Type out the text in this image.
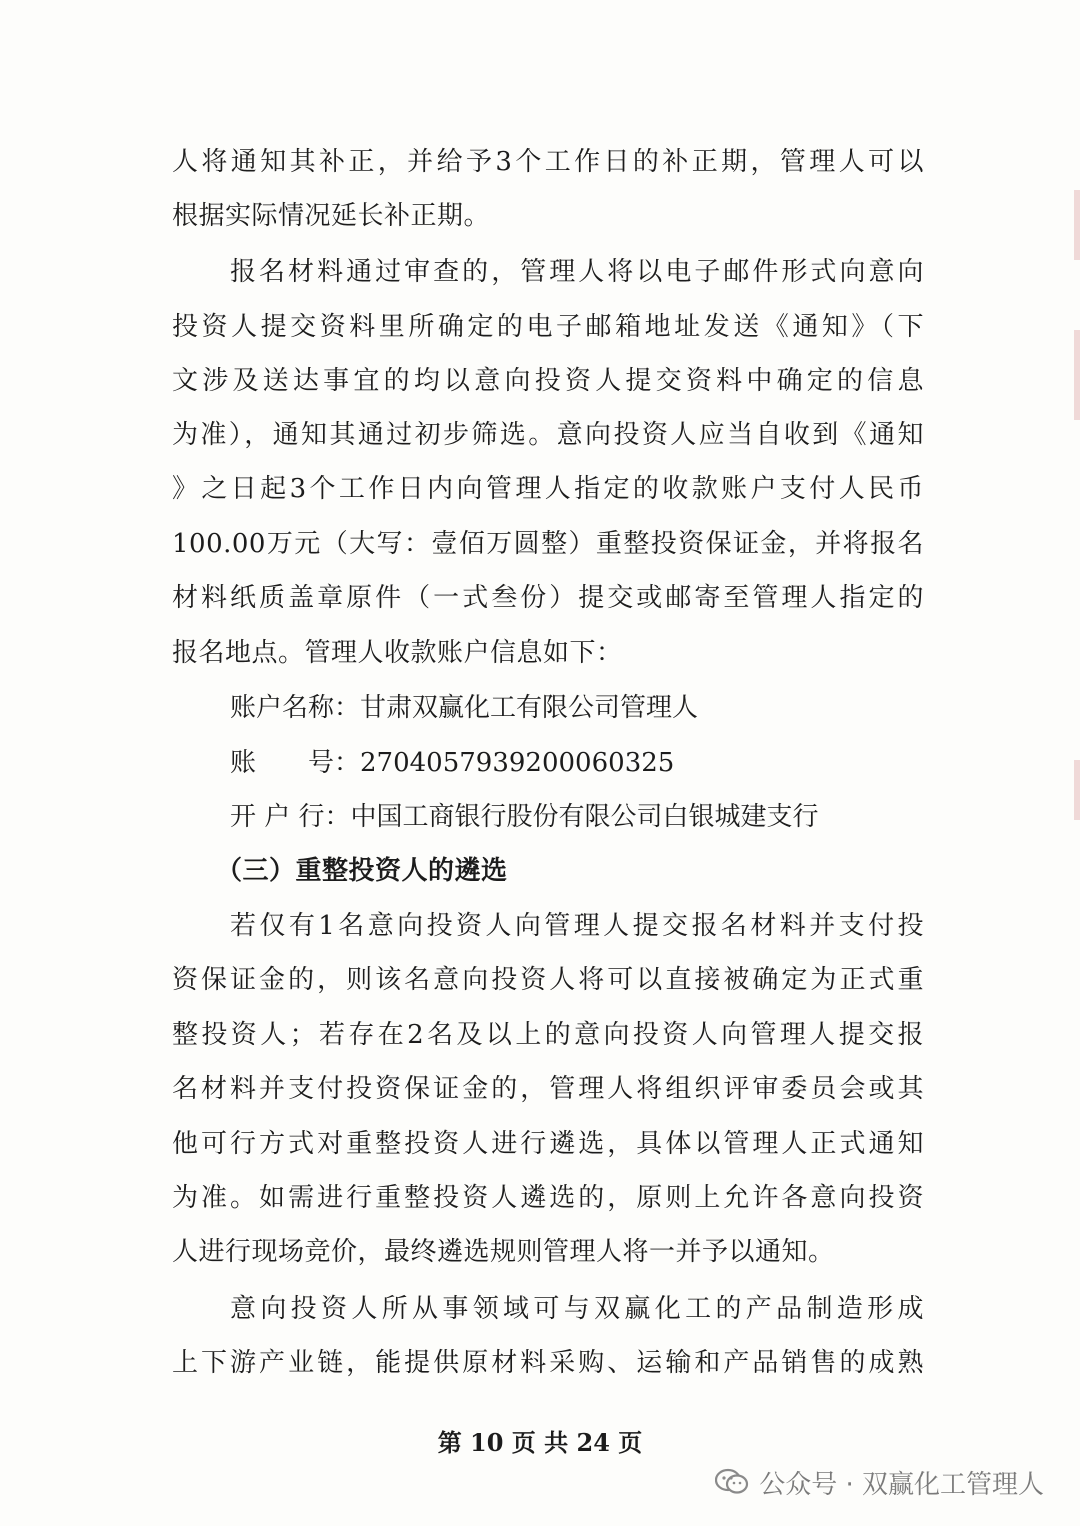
人将通知其补正，并给予3个工作日的补正期，管理人可以
根据实际情况延长补正期。
报名材料通过审查的，管理人将以电子邮件形式向意向
投资人提交资料里所确定的电子邮箱地址发送《通知》（下
文涉及送达事宜的均以意向投资人提交资料中确定的信息
为准），通知其通过初步筛选。意向投资人应当自收到《通知
》之日起3个工作日内向管理人指定的收款账户支付人民币
100.00万元（大写：壹佰万圆整）重整投资保证金，并将报名
材料纸质盖章原件（一式叁份）提交或邮寄至管理人指定的
报名地点。管理人收款账户信息如下：
账户名称：甘肃双赢化工有限公司管理人
账　　号：2704057939200060325
开 户 行：中国工商银行股份有限公司白银城建支行
（三）重整投资人的遴选
若仅有1名意向投资人向管理人提交报名材料并支付投
资保证金的，则该名意向投资人将可以直接被确定为正式重
整投资人；若存在2名及以上的意向投资人向管理人提交报
名材料并支付投资保证金的，管理人将组织评审委员会或其
他可行方式对重整投资人进行遴选，具体以管理人正式通知
为准。如需进行重整投资人遴选的，原则上允许各意向投资
人进行现场竞价，最终遴选规则管理人将一并予以通知。
意向投资人所从事领域可与双赢化工的产品制造形成
上下游产业链，能提供原材料采购、运输和产品销售的成熟
第 10 页 共 24 页
公众号 · 双赢化工管理人
